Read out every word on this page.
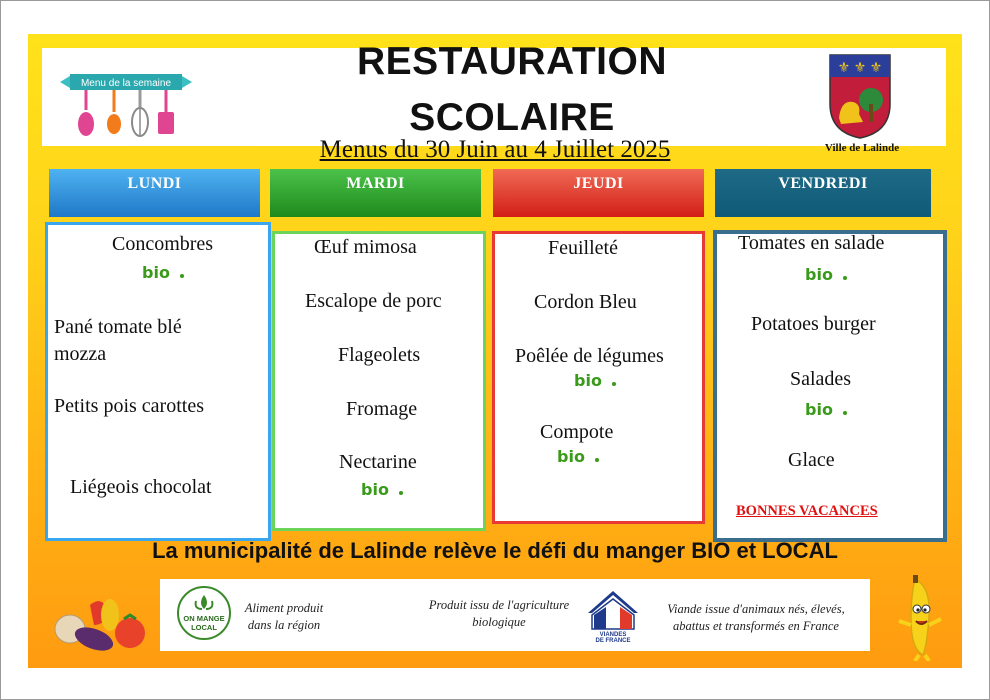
Menu de la semaine
RESTAURATION
SCOLAIRE
Menus du 30 Juin au 4 Juillet 2025
⚜ ⚜ ⚜
Ville de Lalinde
LUNDI	MARDI	JEUDI	VENDREDI
Concombres
bio
Pané tomate blé mozza
Petits pois carottes
Liégeois chocolat
Œuf mimosa
Escalope de porc
Flageolets
Fromage
Nectarine
bio
Feuilleté
Cordon Bleu
Poêlée de légumes
bio
Compote
bio
Tomates en salade
bio
Potatoes burger
Salades
bio
Glace
BONNES VACANCES
La municipalité de Lalinde relève le défi du manger BIO et LOCAL
ON MANGE
LOCAL
Aliment produit dans la région
Produit issu de l'agriculture biologique
VIANDES
DE FRANCE
Viande issue d'animaux nés, élevés, abattus et transformés en France
